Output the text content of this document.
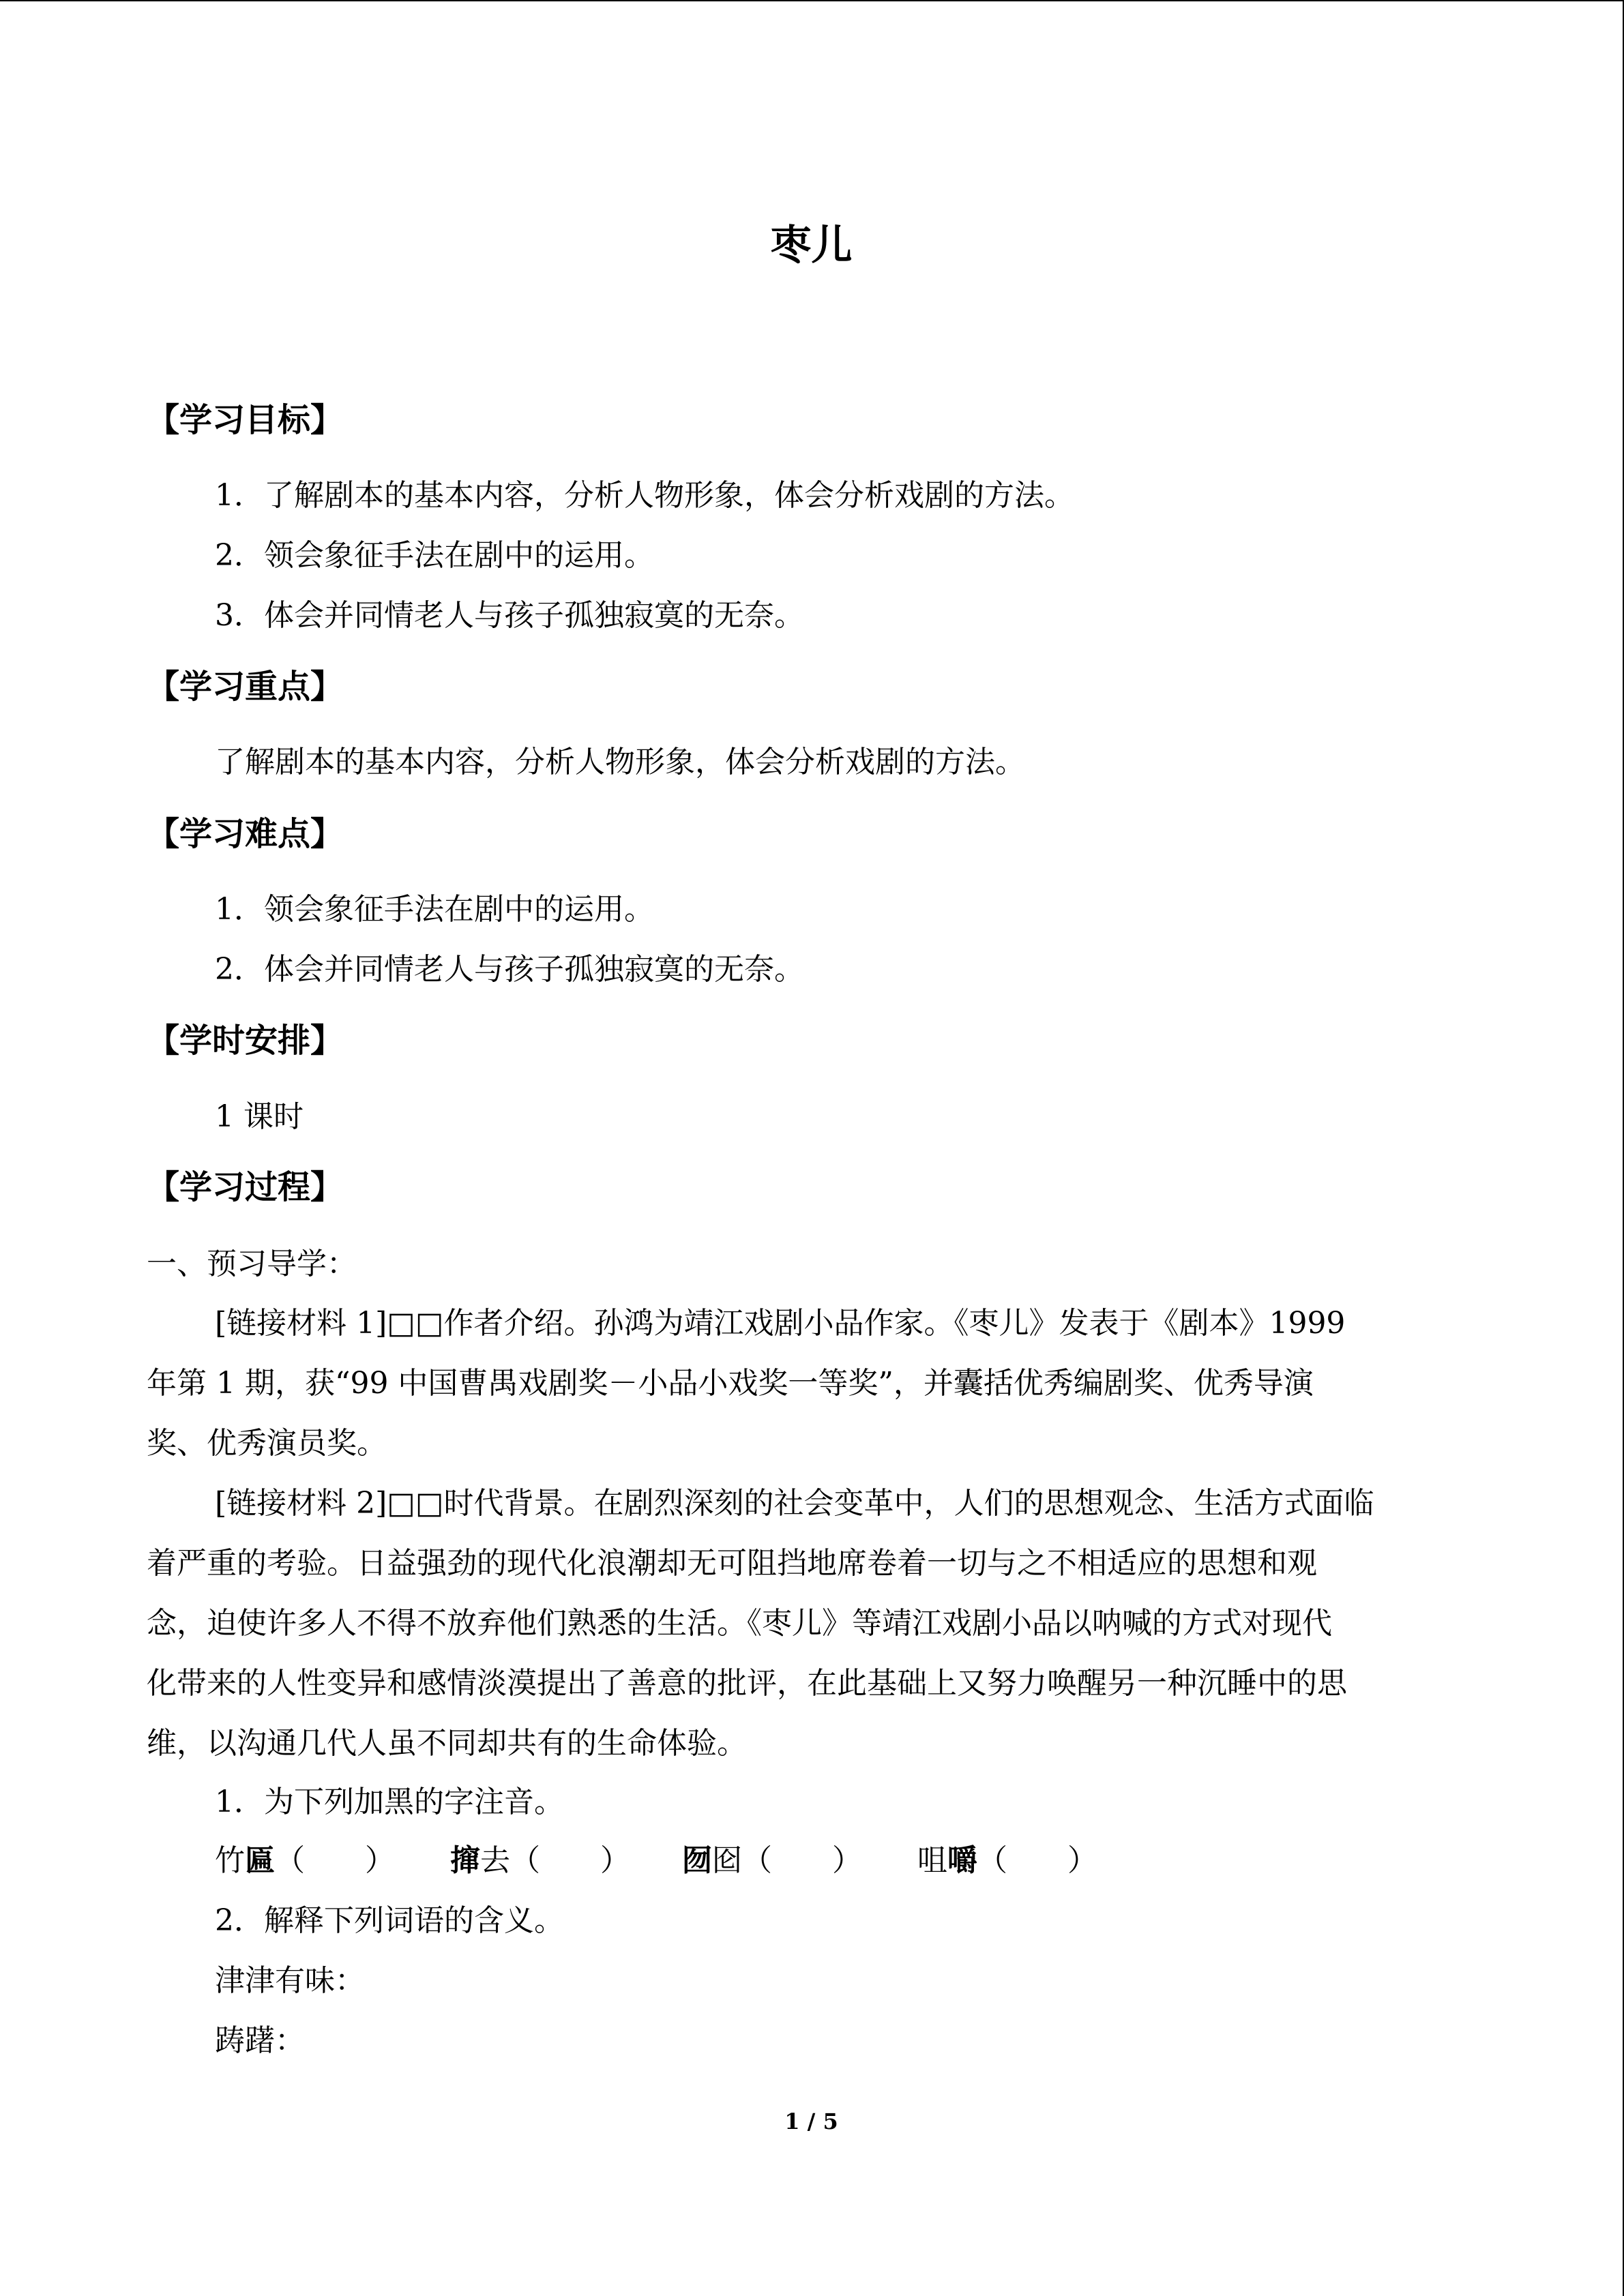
枣儿
【学习目标】
1．了解剧本的基本内容，分析人物形象，体会分析戏剧的方法。
2．领会象征手法在剧中的运用。
3．体会并同情老人与孩子孤独寂寞的无奈。
【学习重点】
了解剧本的基本内容，分析人物形象，体会分析戏剧的方法。
【学习难点】
1．领会象征手法在剧中的运用。
2．体会并同情老人与孩子孤独寂寞的无奈。
【学时安排】
1 课时
【学习过程】
一、预习导学：
[链接材料 1]□□作者介绍。孙鸿为靖江戏剧小品作家。《枣儿》发表于《剧本》1999
年第 1 期，获“99 中国曹禺戏剧奖－小品小戏奖一等奖”，并囊括优秀编剧奖、优秀导演
奖、优秀演员奖。
[链接材料 2]□□时代背景。在剧烈深刻的社会变革中，人们的思想观念、生活方式面临
着严重的考验。日益强劲的现代化浪潮却无可阻挡地席卷着一切与之不相适应的思想和观
念，迫使许多人不得不放弃他们熟悉的生活。《枣儿》等靖江戏剧小品以呐喊的方式对现代
化带来的人性变异和感情淡漠提出了善意的批评，在此基础上又努力唤醒另一种沉睡中的思
维，以沟通几代人虽不同却共有的生命体验。
1．为下列加黑的字注音。
竹匾（　　） 撺去（　　） 囫囵（　　） 咀嚼（　　）
2．解释下列词语的含义。
津津有味：
踌躇：
1 / 5
